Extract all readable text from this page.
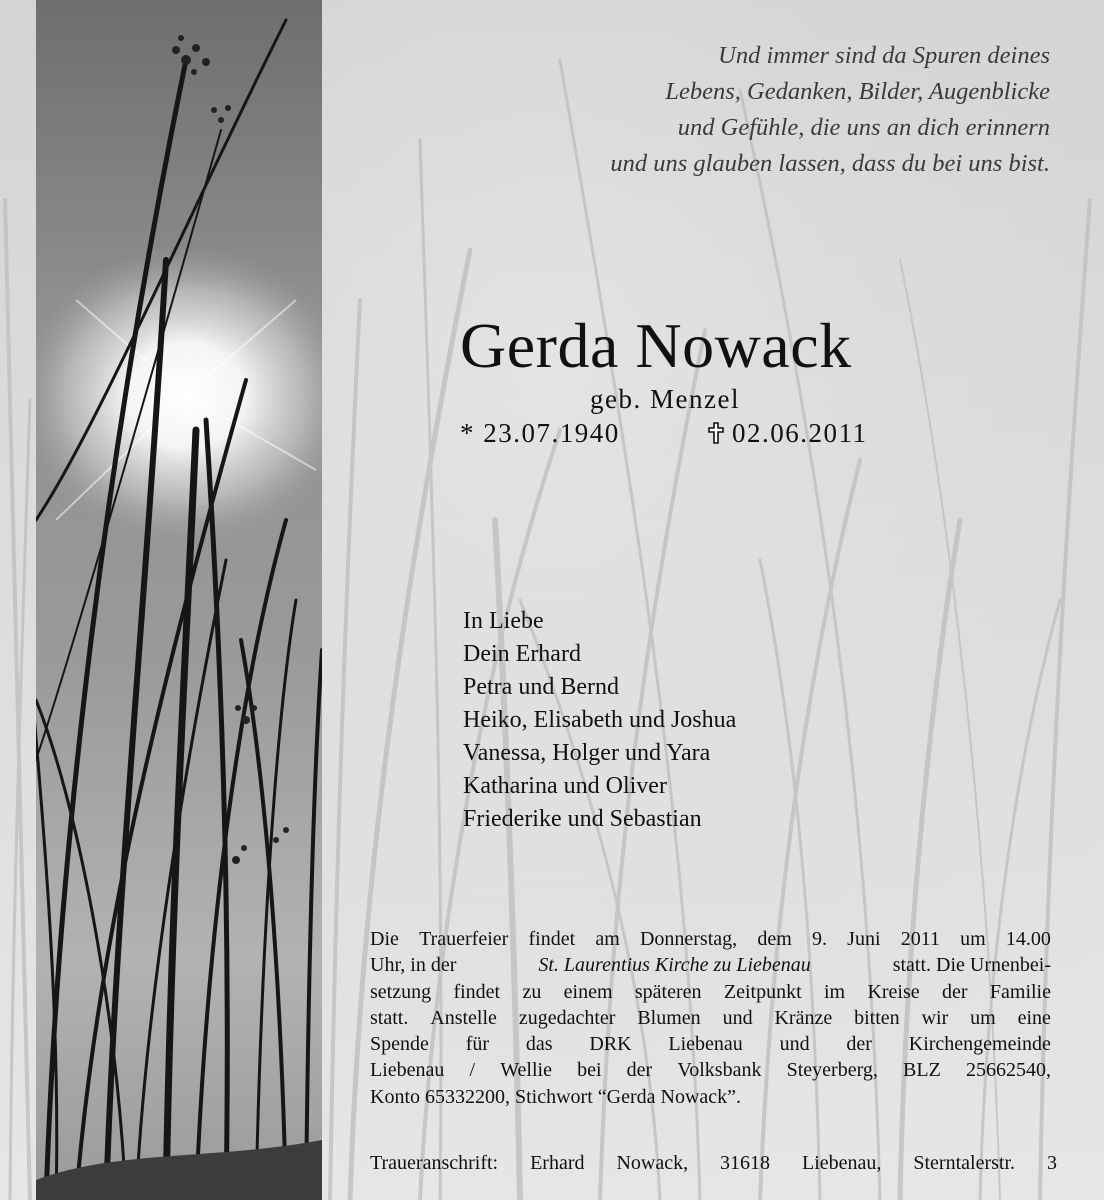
Und immer sind da Spuren deines
Lebens, Gedanken, Bilder, Augenblicke
und Gefühle, die uns an dich erinnern
und uns glauben lassen, dass du bei uns bist.
Gerda Nowack
geb. Menzel
* 23.07.1940	02.06.2011
In Liebe
Dein Erhard
Petra und Bernd
Heiko, Elisabeth und Joshua
Vanessa, Holger und Yara
Katharina und Oliver
Friederike und Sebastian
Die Trauerfeier findet am Donnerstag, dem 9. Juni 2011 um 14.00
Uhr, in der	St. Laurentius Kirche zu Liebenau	statt. Die Urnenbei-
setzung findet zu einem späteren Zeitpunkt im Kreise der Familie
statt. Anstelle zugedachter Blumen und Kränze bitten wir um eine
Spende für das DRK Liebenau und der Kirchengemeinde
Liebenau / Wellie bei der Volksbank Steyerberg, BLZ 25662540,
Konto 65332200, Stichwort “Gerda Nowack”.
Traueranschrift: Erhard Nowack, 31618 Liebenau, Sterntalerstr. 3
